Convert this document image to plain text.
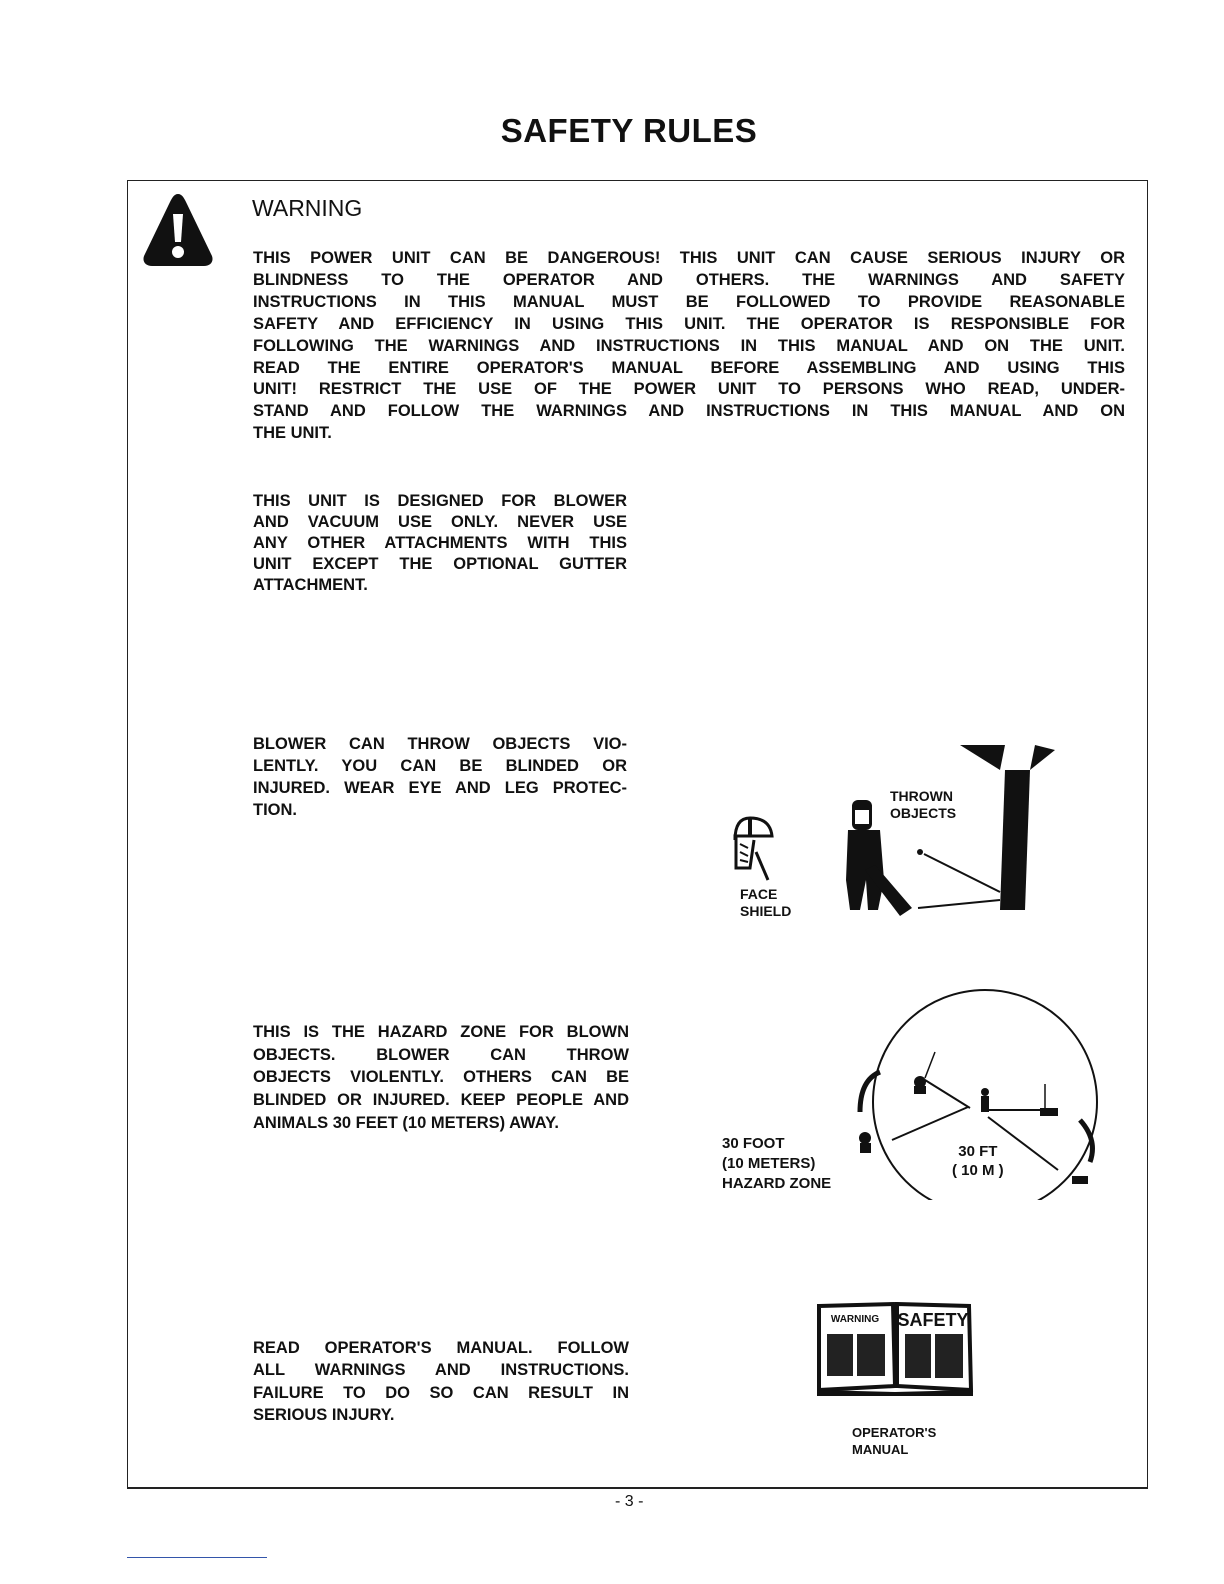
SAFETY RULES
WARNING
THIS POWER UNIT CAN BE DANGEROUS! THIS UNIT CAN CAUSE SERIOUS INJURY OR
BLINDNESS TO THE OPERATOR AND OTHERS. THE WARNINGS AND SAFETY
INSTRUCTIONS IN THIS MANUAL MUST BE FOLLOWED TO PROVIDE REASONABLE
SAFETY AND EFFICIENCY IN USING THIS UNIT. THE OPERATOR IS RESPONSIBLE FOR
FOLLOWING THE WARNINGS AND INSTRUCTIONS IN THIS MANUAL AND ON THE UNIT.
READ THE ENTIRE OPERATOR'S MANUAL BEFORE ASSEMBLING AND USING THIS
UNIT! RESTRICT THE USE OF THE POWER UNIT TO PERSONS WHO READ, UNDER-
STAND AND FOLLOW THE WARNINGS AND INSTRUCTIONS IN THIS MANUAL AND ON
THE UNIT.
THIS UNIT IS DESIGNED FOR BLOWER
AND VACUUM USE ONLY. NEVER USE
ANY OTHER ATTACHMENTS WITH THIS
UNIT EXCEPT THE OPTIONAL GUTTER
ATTACHMENT.
BLOWER CAN THROW OBJECTS VIO-
LENTLY. YOU CAN BE BLINDED OR
INJURED. WEAR EYE AND LEG PROTEC-
TION.
FACE
SHIELD
THROWN
OBJECTS
THIS IS THE HAZARD ZONE FOR BLOWN
OBJECTS. BLOWER CAN THROW
OBJECTS VIOLENTLY. OTHERS CAN BE
BLINDED OR INJURED. KEEP PEOPLE AND
ANIMALS 30 FEET (10 METERS) AWAY.
30 FOOT
(10 METERS)
HAZARD ZONE
30 FT
( 10 M )
READ OPERATOR'S MANUAL. FOLLOW
ALL WARNINGS AND INSTRUCTIONS.
FAILURE TO DO SO CAN RESULT IN
SERIOUS INJURY.
WARNING SAFETY
OPERATOR'S
MANUAL
- 3 -
